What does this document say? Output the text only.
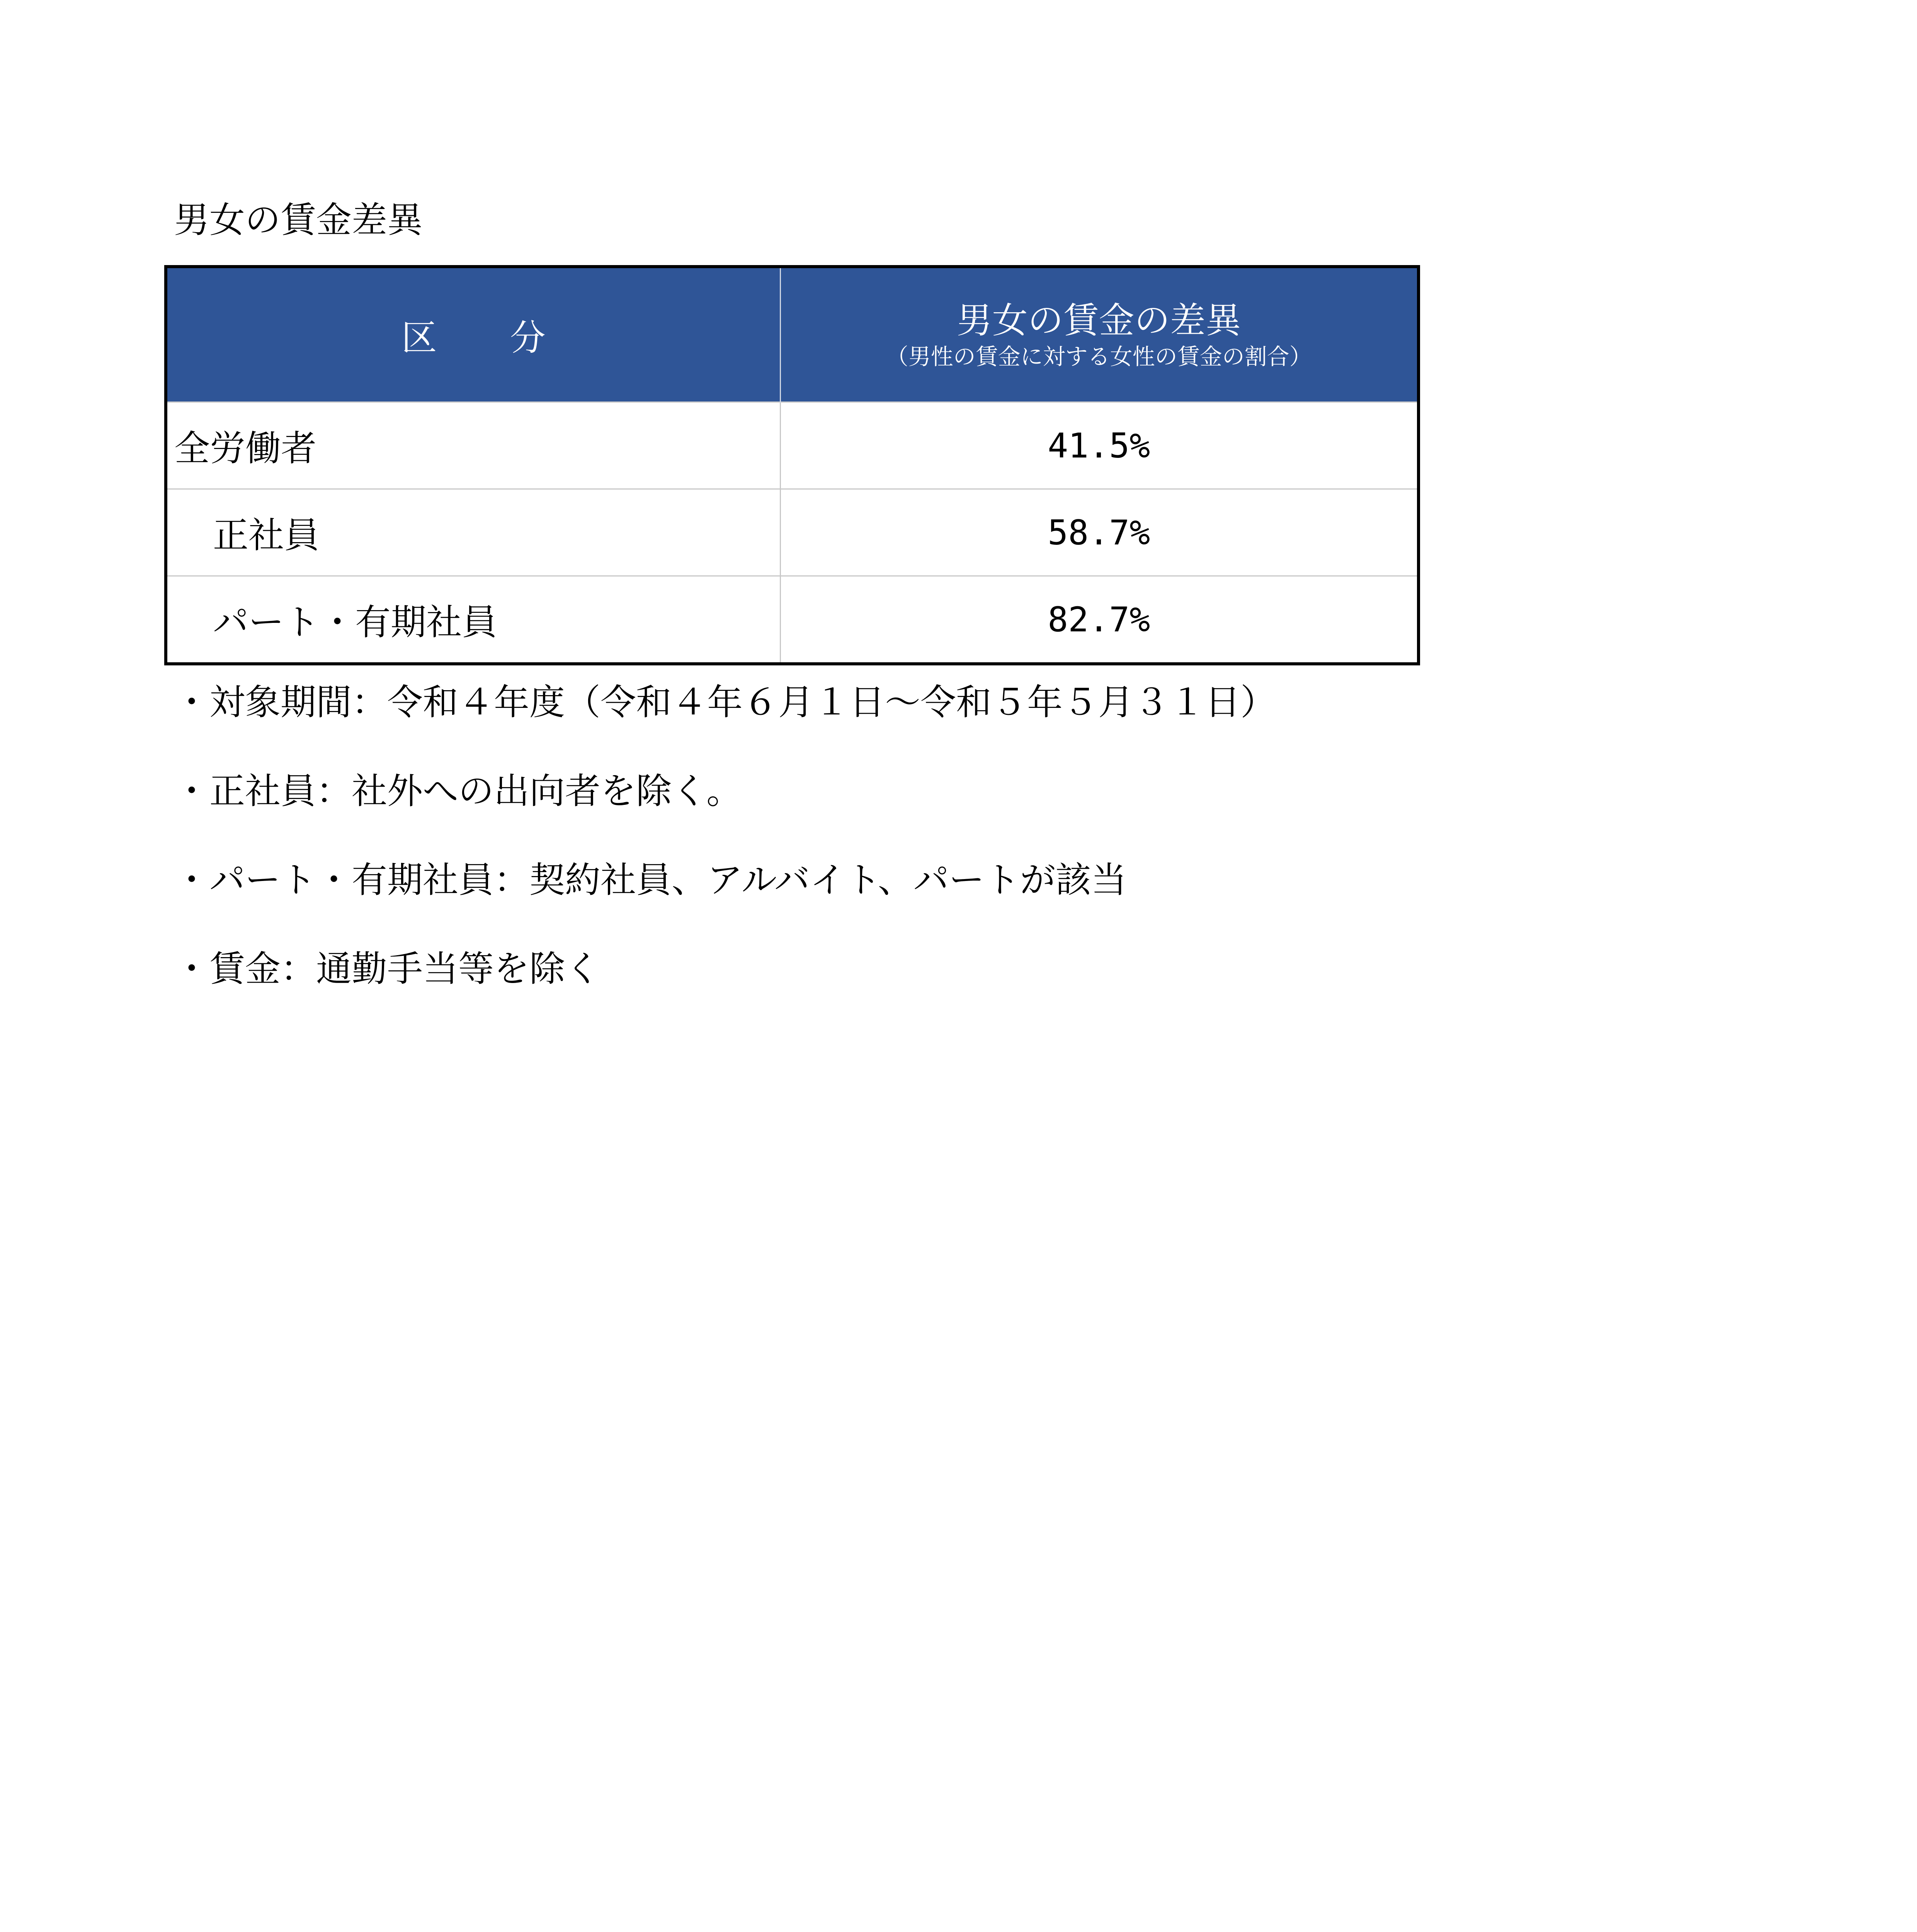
男女の賃金差異
区 分	男女の賃金の差異
（男性の賃金に対する女性の賃金の割合）

全労働者	41.5%
正社員	58.7%
パート・有期社員	82.7%
・対象期間：令和４年度（令和４年６月１日～令和５年５月３１日）
・正社員：社外への出向者を除く。
・パート・有期社員：契約社員、アルバイト、パートが該当
・賃金：通勤手当等を除く
